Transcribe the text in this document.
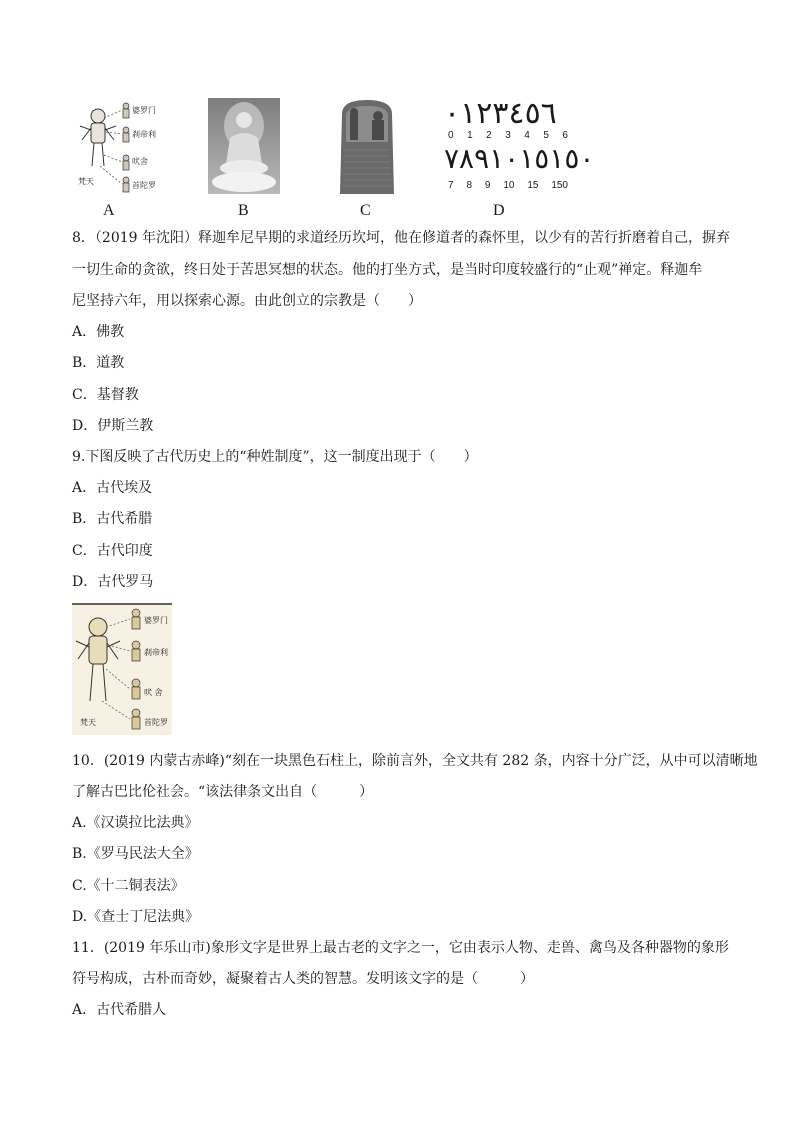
婆罗门
刹帝利
吠舍
首陀罗
梵天
A	B	C
٠١٢٣٤٥٦
0 1 2 3 4 5 6
٧٨٩١٠١٥١٥٠
7 8 9 10 15 150
D
8．（2019 年沈阳）释迦牟尼早期的求道经历坎坷，他在修道者的森怀里，以少有的苦行折磨着自己，摒弃
一切生命的贪欲，终日处于苦思冥想的状态。他的打坐方式，是当时印度较盛行的“止观”禅定。释迦牟
尼坚持六年，用以探索心源。由此创立的宗教是（　　）
A．佛教
B．道教
C．基督教
D．伊斯兰教
9.下图反映了古代历史上的“种姓制度”，这一制度出现于（　　）
A．古代埃及
B．古代希腊
C．古代印度
D．古代罗马
婆罗门
刹帝利
吠 舍
首陀罗
梵天
10．(2019 内蒙古赤峰)“刻在一块黑色石柱上，除前言外，全文共有 282 条，内容十分广泛，从中可以清晰地
了解古巴比伦社会。“该法律条文出自（　　　）
A.《汉谟拉比法典》
B.《罗马民法大全》
C.《十二铜表法》
D.《查士丁尼法典》
11．(2019 年乐山市)象形文字是世界上最古老的文字之一，它由表示人物、走兽、禽鸟及各种器物的象形
符号构成，古朴而奇妙，凝聚着古人类的智慧。发明该文字的是（　　　）
A．古代希腊人
